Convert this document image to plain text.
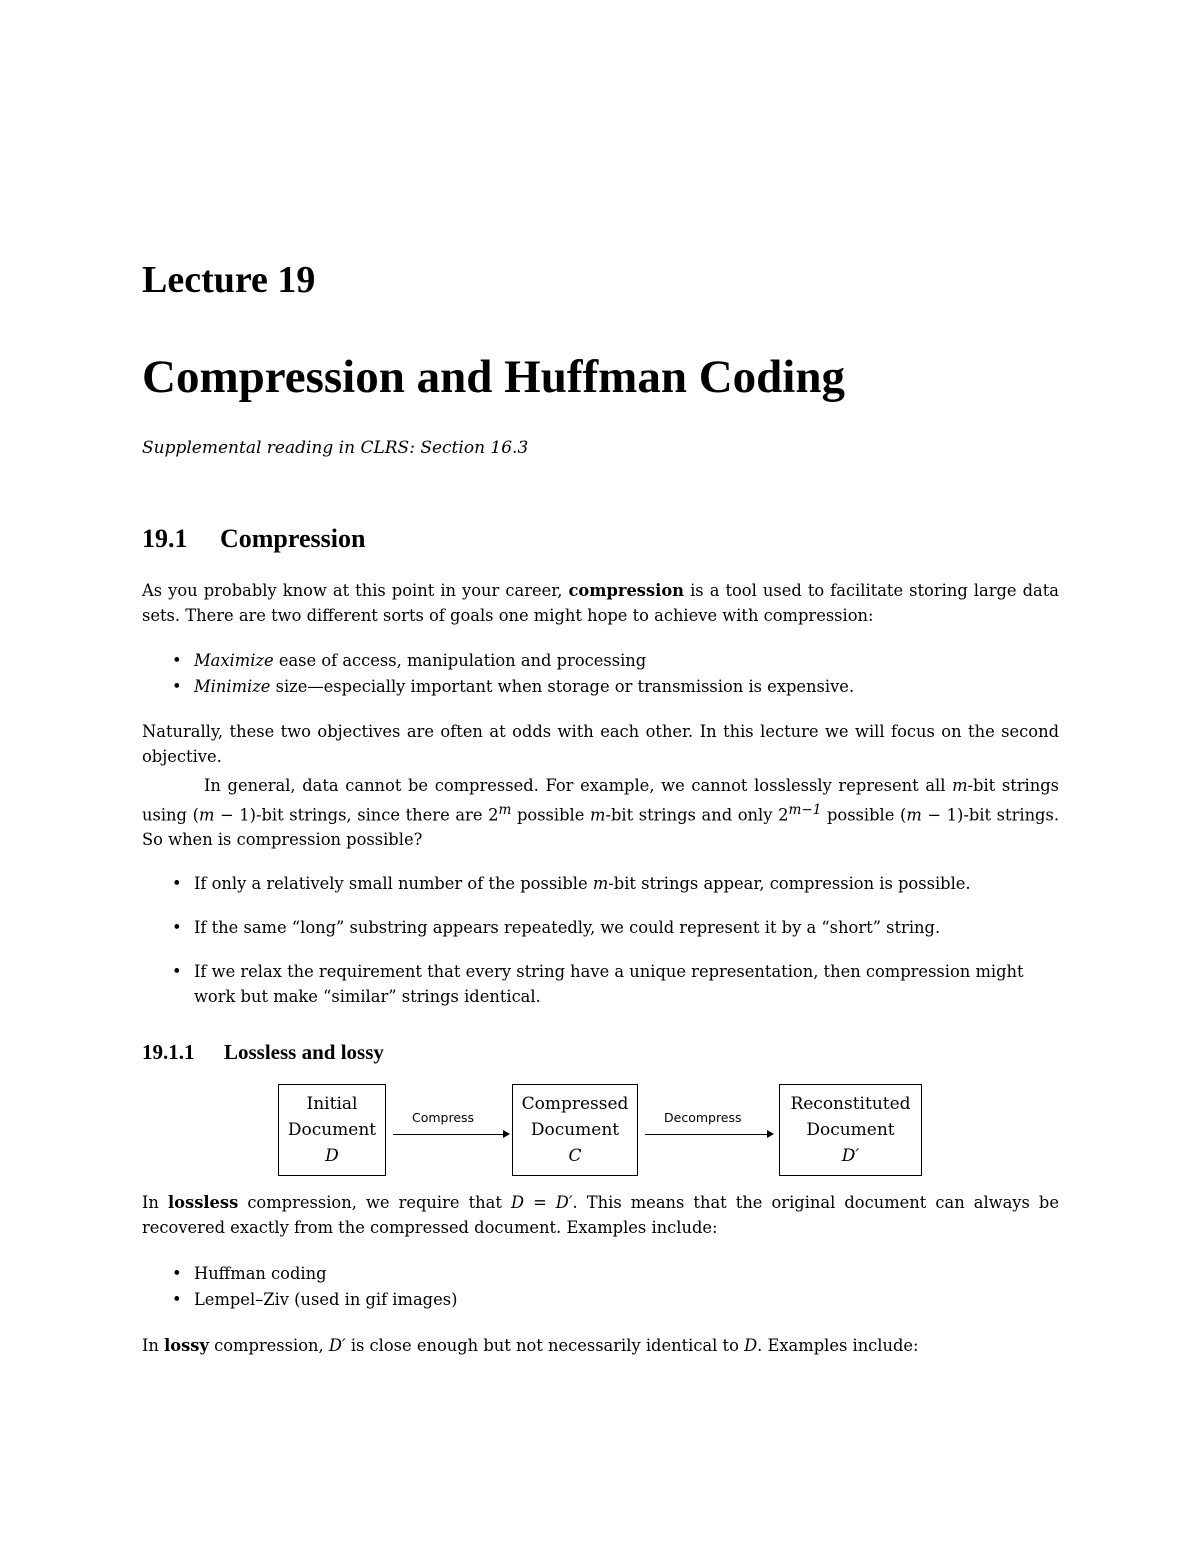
Lecture 19
Compression and Huffman Coding

Supplemental reading in CLRS: Section 16.3

19.1 Compression

As you probably know at this point in your career, compression is a tool used to facilitate storing large data sets. There are two different sorts of goals one might hope to achieve with compression:

• Maximize ease of access, manipulation and processing
• Minimize size—especially important when storage or transmission is expensive.

Naturally, these two objectives are often at odds with each other. In this lecture we will focus on the second objective.

In general, data cannot be compressed. For example, we cannot losslessly represent all m-bit strings using (m − 1)-bit strings, since there are 2$^m$ possible m-bit strings and only $2^{m-1}$ possible (m − 1)-bit strings. So when is compression possible?

• If only a relatively small number of the possible m-bit strings appear, compression is possible.
• If the same “long” substring appears repeatedly, we could represent it by a “short” string.
• If we relax the requirement that every string have a unique representation, then compression might work but make “similar” strings identical.
19.1.1 Lossless and lossy
Initial
Document
D
Compress
Compressed
Document
C
Decompress
Reconstituted
Document
D′

In lossless compression, we require that D = D′. This means that the original document can always be recovered exactly from the compressed document. Examples include:

• Huffman coding
• Lempel–Ziv (used in gif images)

In lossy compression, D′ is close enough but not necessarily identical to D. Examples include:
